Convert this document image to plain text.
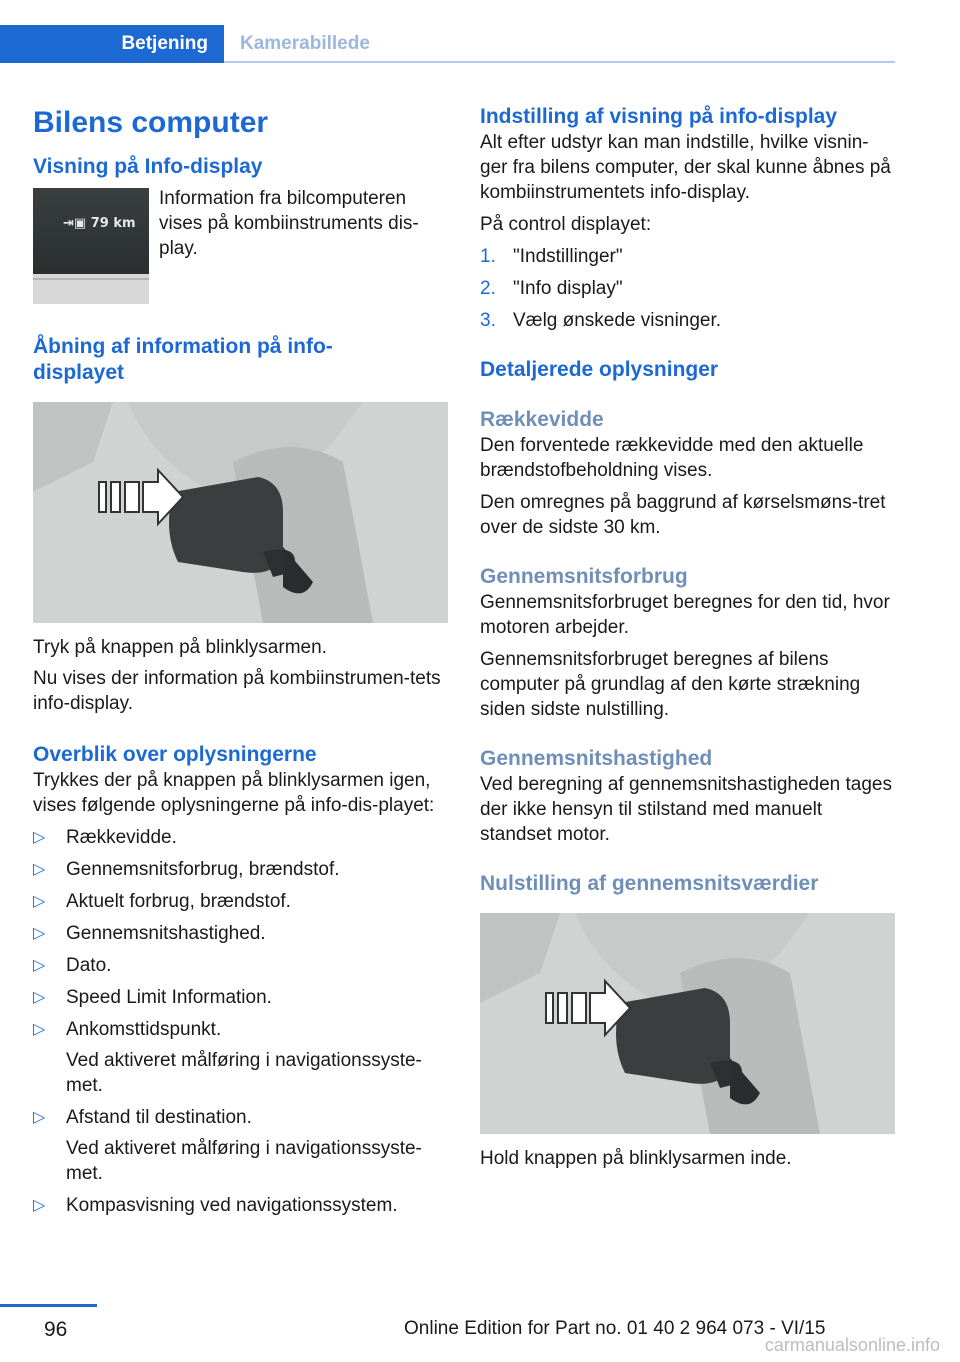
Betjening	Kamerabillede
Bilens computer
Visning på Info-display
⇥▣ 79 km

Information fra bilcomputeren vises på kombiinstruments dis-play.

Åbning af information på info-displayet

Tryk på knappen på blinklysarmen.

Nu vises der information på kombiinstrumen-tets info-display.

Overblik over oplysningerne

Trykkes der på knappen på blinklysarmen igen, vises følgende oplysningerne på info-dis-playet:

▷ Rækkevidde.
▷ Gennemsnitsforbrug, brændstof.
▷ Aktuelt forbrug, brændstof.
▷ Gennemsnitshastighed.
▷ Dato.
▷ Speed Limit Information.
▷ Ankomsttidspunkt.
Ved aktiveret målføring i navigationssyste-met.
▷ Afstand til destination.
Ved aktiveret målføring i navigationssyste-met.
▷ Kompasvisning ved navigationssystem.
Indstilling af visning på info-display

Alt efter udstyr kan man indstille, hvilke visnin-ger fra bilens computer, der skal kunne åbnes på kombiinstrumentets info-display.

På control displayet:

1. "Indstillinger"
2. "Info display"
3. Vælg ønskede visninger.
Detaljerede oplysninger
Rækkevidde

Den forventede rækkevidde med den aktuelle brændstofbeholdning vises.

Den omregnes på baggrund af kørselsmøns-tret over de sidste 30 km.

Gennemsnitsforbrug

Gennemsnitsforbruget beregnes for den tid, hvor motoren arbejder.

Gennemsnitsforbruget beregnes af bilens computer på grundlag af den kørte strækning siden sidste nulstilling.

Gennemsnitshastighed

Ved beregning af gennemsnitshastigheden tages der ikke hensyn til stilstand med manuelt standset motor.

Nulstilling af gennemsnitsværdier

Hold knappen på blinklysarmen inde.

96	Online Edition for Part no. 01 40 2 964 073 - VI/15
carmanualsonline.info
